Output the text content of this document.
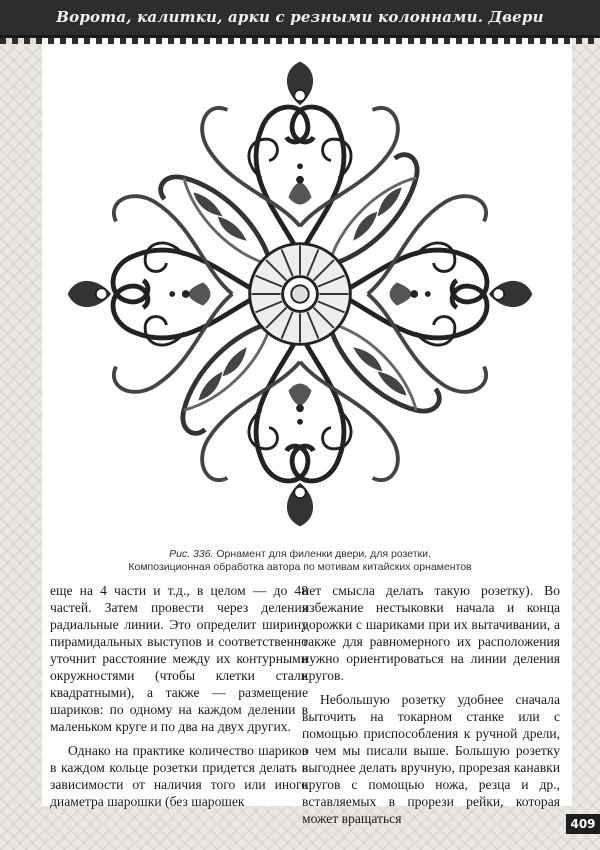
Ворота, калитки, арки с резными колоннами. Двери
Рис. 336. Орнамент для филенки двери, для розетки.
Композиционная обработка автора по мотивам китайских орнаментов

еще на 4 части и т.д., в целом — до 48 частей. Затем провести через деления радиальные линии. Это определит ширину пирамидальных выступов и соответственно уточнит расстояние между их контурными окружностями (чтобы клетки стали квадратными), а также — размещение шариков: по одному на каждом делении в маленьком круге и по два на двух других.

Однако на практике количество шариков в каждом кольце розетки придется делать в зависимости от наличия того или иного диаметра шарошки (без шарошек

нет смысла делать такую розетку). Во избежание нестыковки начала и конца дорожки с шариками при их вытачивании, а также для равномерного их расположения нужно ориентироваться на линии деления кругов.

Небольшую розетку удобнее сначала выточить на токарном станке или с помощью приспособления к ручной дрели, о чем мы писали выше. Большую розетку выгоднее делать вручную, прорезая канавки кругов с помощью ножа, резца и др., вставляемых в прорези рейки, которая может вращаться	409
